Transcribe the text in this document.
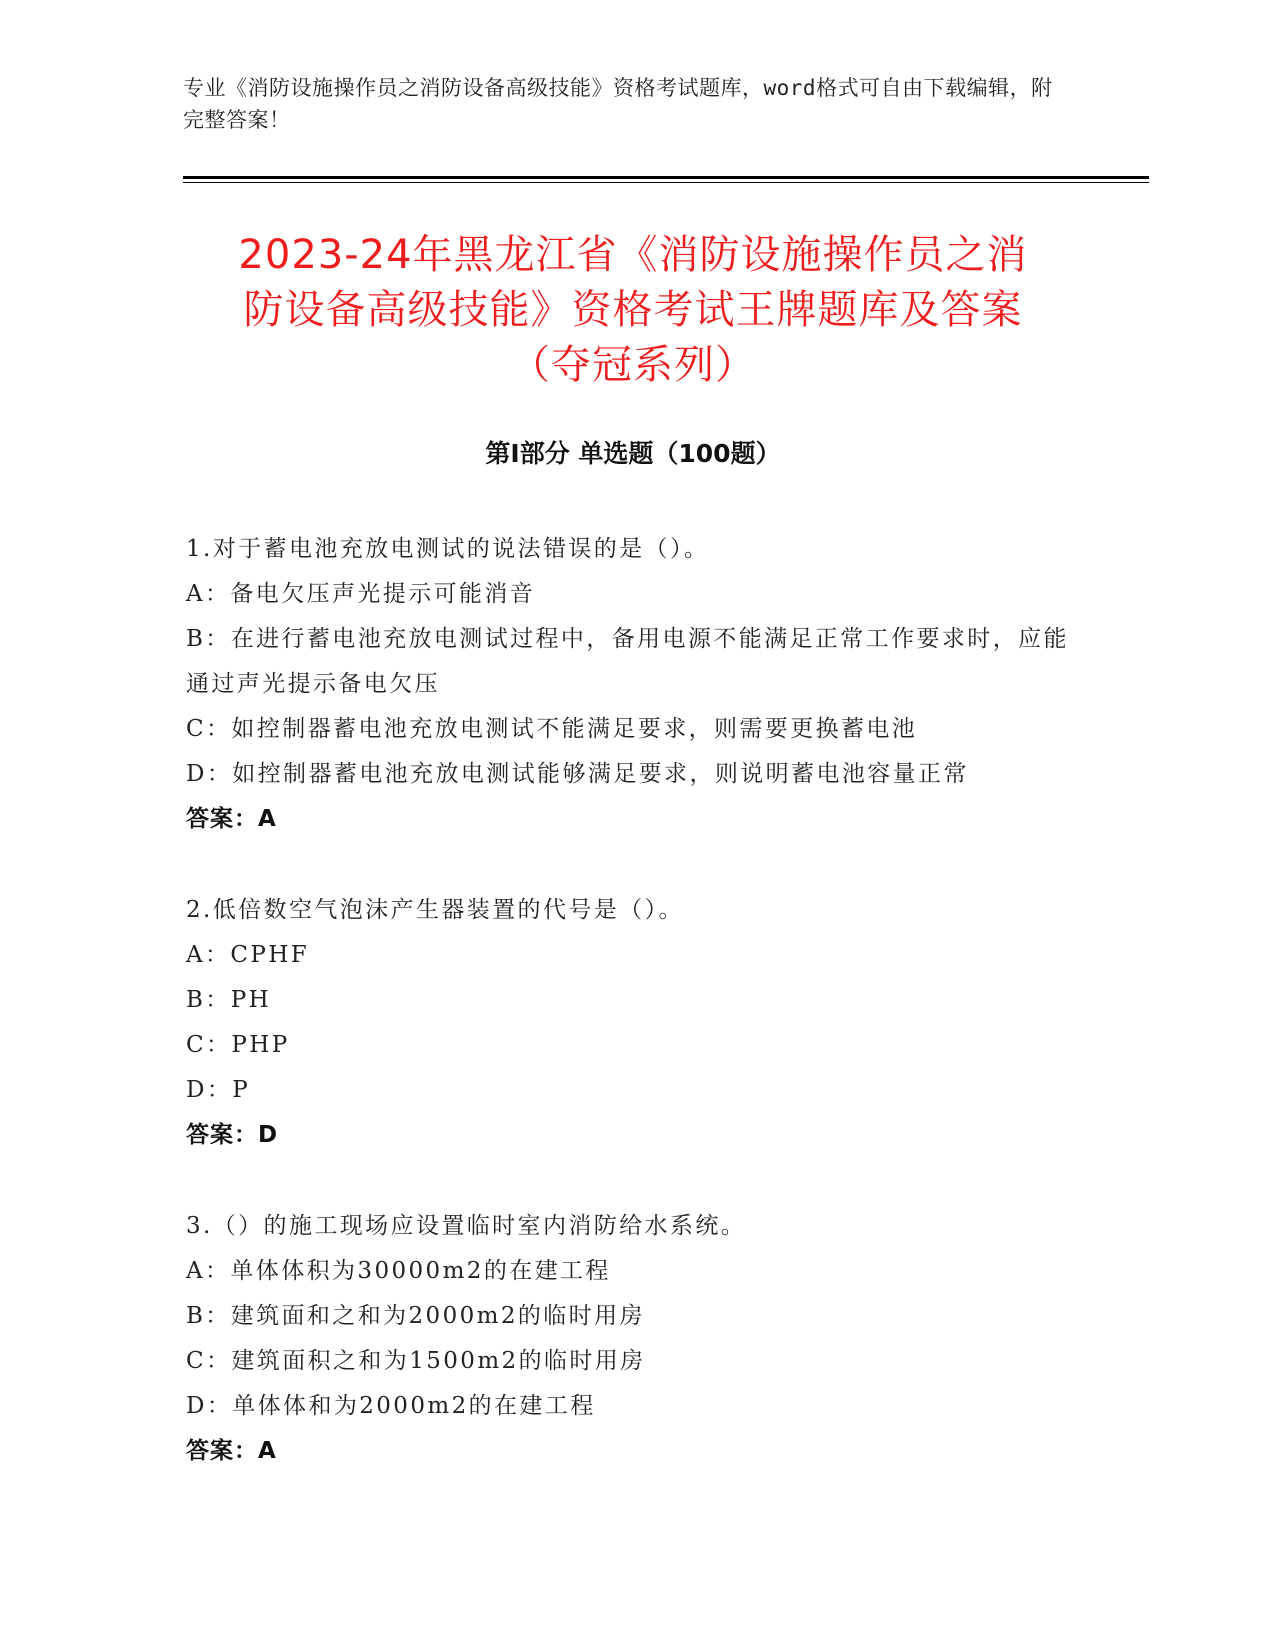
专业《消防设施操作员之消防设备高级技能》资格考试题库，word格式可自由下载编辑，附完整答案！
2023-24年黑龙江省《消防设施操作员之消
防设备高级技能》资格考试王牌题库及答案
（夺冠系列）
第I部分 单选题（100题）
1.对于蓄电池充放电测试的说法错误的是（）。
A：备电欠压声光提示可能消音
B：在进行蓄电池充放电测试过程中，备用电源不能满足正常工作要求时，应能通过声光提示备电欠压
C：如控制器蓄电池充放电测试不能满足要求，则需要更换蓄电池
D：如控制器蓄电池充放电测试能够满足要求，则说明蓄电池容量正常
答案：A
2.低倍数空气泡沫产生器装置的代号是（）。
A：CPHF
B：PH
C：PHP
D：P
答案：D
3.（）的施工现场应设置临时室内消防给水系统。
A：单体体积为30000m2的在建工程
B：建筑面和之和为2000m2的临时用房
C：建筑面积之和为1500m2的临时用房
D：单体体和为2000m2的在建工程
答案：A
